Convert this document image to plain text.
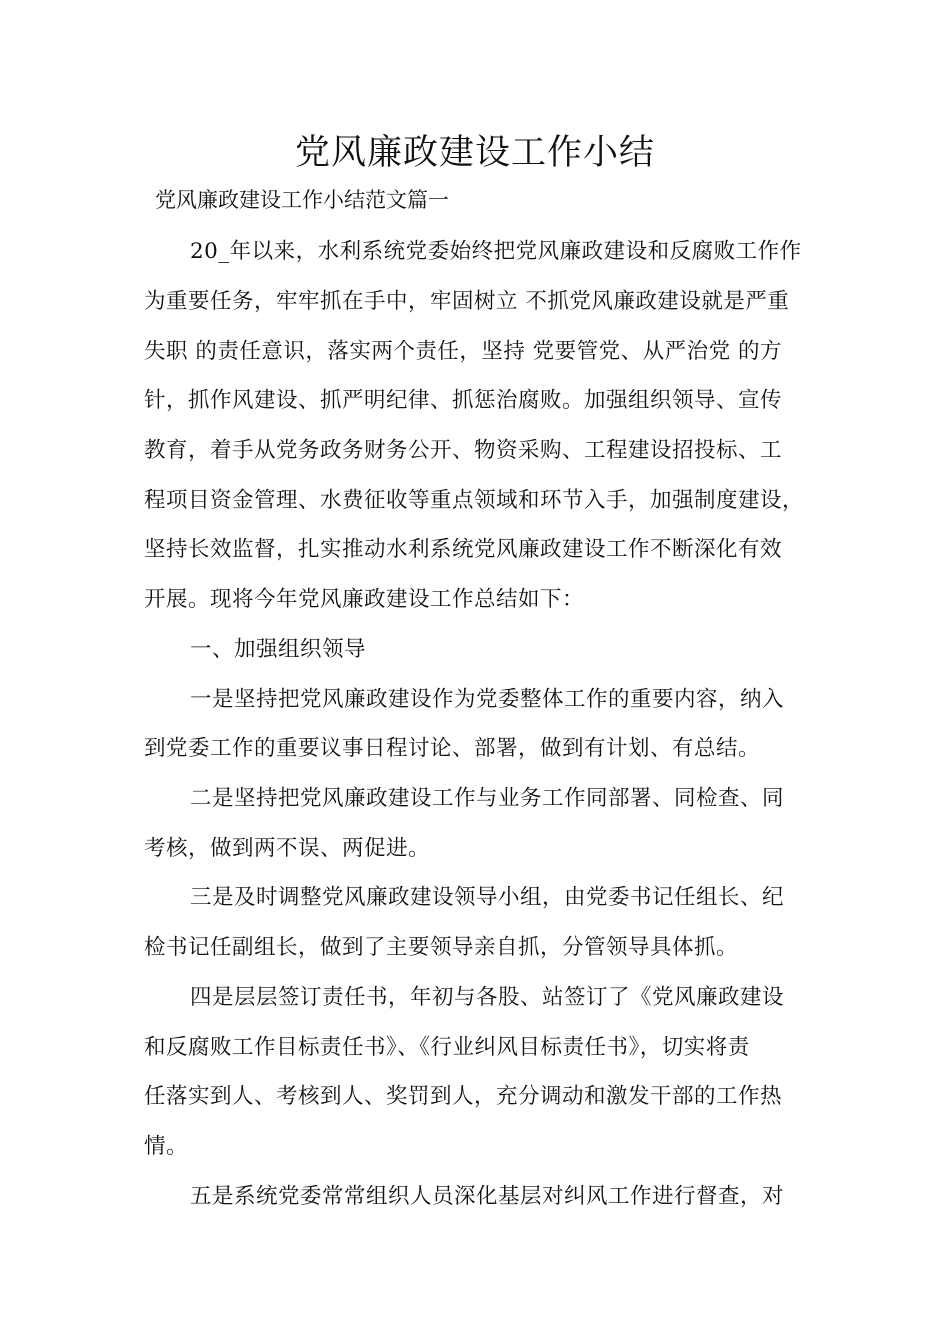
党风廉政建设工作小结
党风廉政建设工作小结范文篇一
20_年以来，水利系统党委始终把党风廉政建设和反腐败工作作
为重要任务，牢牢抓在手中，牢固树立 不抓党风廉政建设就是严重
失职 的责任意识，落实两个责任，坚持 党要管党、从严治党 的方
针，抓作风建设、抓严明纪律、抓惩治腐败。加强组织领导、宣传
教育，着手从党务政务财务公开、物资采购、工程建设招投标、工
程项目资金管理、水费征收等重点领域和环节入手，加强制度建设，
坚持长效监督，扎实推动水利系统党风廉政建设工作不断深化有效
开展。现将今年党风廉政建设工作总结如下：
一、加强组织领导
一是坚持把党风廉政建设作为党委整体工作的重要内容，纳入
到党委工作的重要议事日程讨论、部署，做到有计划、有总结。
二是坚持把党风廉政建设工作与业务工作同部署、同检查、同
考核，做到两不误、两促进。
三是及时调整党风廉政建设领导小组，由党委书记任组长、纪
检书记任副组长，做到了主要领导亲自抓，分管领导具体抓。
四是层层签订责任书，年初与各股、站签订了《党风廉政建设
和反腐败工作目标责任书》、《行业纠风目标责任书》，切实将责
任落实到人、考核到人、奖罚到人，充分调动和激发干部的工作热
情。
五是系统党委常常组织人员深化基层对纠风工作进行督查，对
